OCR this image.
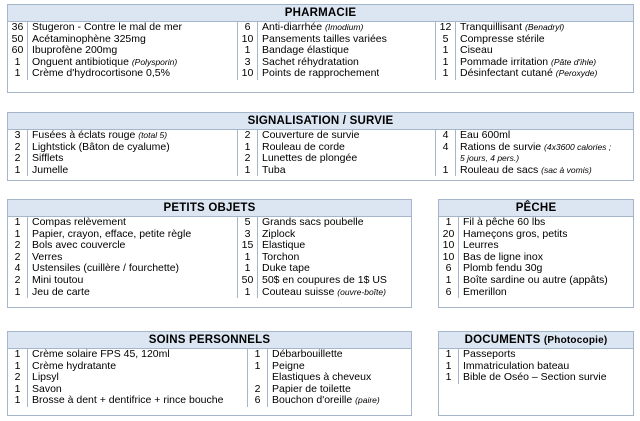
PHARMACIE
36 Stugeron - Contre le mal de mer
50 Acétaminophène 325mg
60 Ibuprofène 200mg
1	Onguent antibiotique (Polysporin)
1	Crème d'hydrocortisone 0,5%
6	Anti-diarrhée (Imodium)
10 Pansements tailles variées
1	Bandage élastique
3	Sachet réhydratation
10 Points de rapprochement
12 Tranquillisant (Benadryl)
5	Compresse stérile
1	Ciseau
1	Pommade irritation (Pâte d'ihle)
1	Désinfectant cutané (Peroxyde)
SIGNALISATION / SURVIE
3	Fusées à éclats rouge (total 5)
2	Lightstick (Bâton de cyalume)
2	Sifflets
1	Jumelle
2	Couverture de survie
1	Rouleau de corde
2	Lunettes de plongée
1	Tuba
4	Eau 600ml
4	Rations de survie (4x3600 calories ;
5 jours, 4 pers.)
1	Rouleau de sacs (sac à vomis)
PETITS OBJETS
1	Compas relèvement
1	Papier, crayon, efface, petite règle
2	Bols avec couvercle
2	Verres
4	Ustensiles (cuillère / fourchette)
2	Mini toutou
1	Jeu de carte
5	Grands sacs poubelle
3	Ziplock
15 Élastique
1	Torchon
1	Duke tape
50 50$ en coupures de 1$ US
1	Couteau suisse (ouvre-boîte)
PÊCHE
1	Fil à pêche 60 lbs
20 Hameçons gros, petits
10 Leurres
10 Bas de ligne inox
6	Plomb fendu 30g
1	Boîte sardine ou autre (appâts)
6	Émerillon
SOINS PERSONNELS
1	Crème solaire FPS 45, 120ml
1	Crème hydratante
2	Lipsyl
1	Savon
1	Brosse à dent + dentifrice + rince bouche
1	Débarbouillette
1	Peigne
Élastiques à cheveux
2	Papier de toilette
6	Bouchon d'oreille (paire)
DOCUMENTS (Photocopie)
1	Passeports
1	Immatriculation bateau
1	Bible de Oséo – Section survie
